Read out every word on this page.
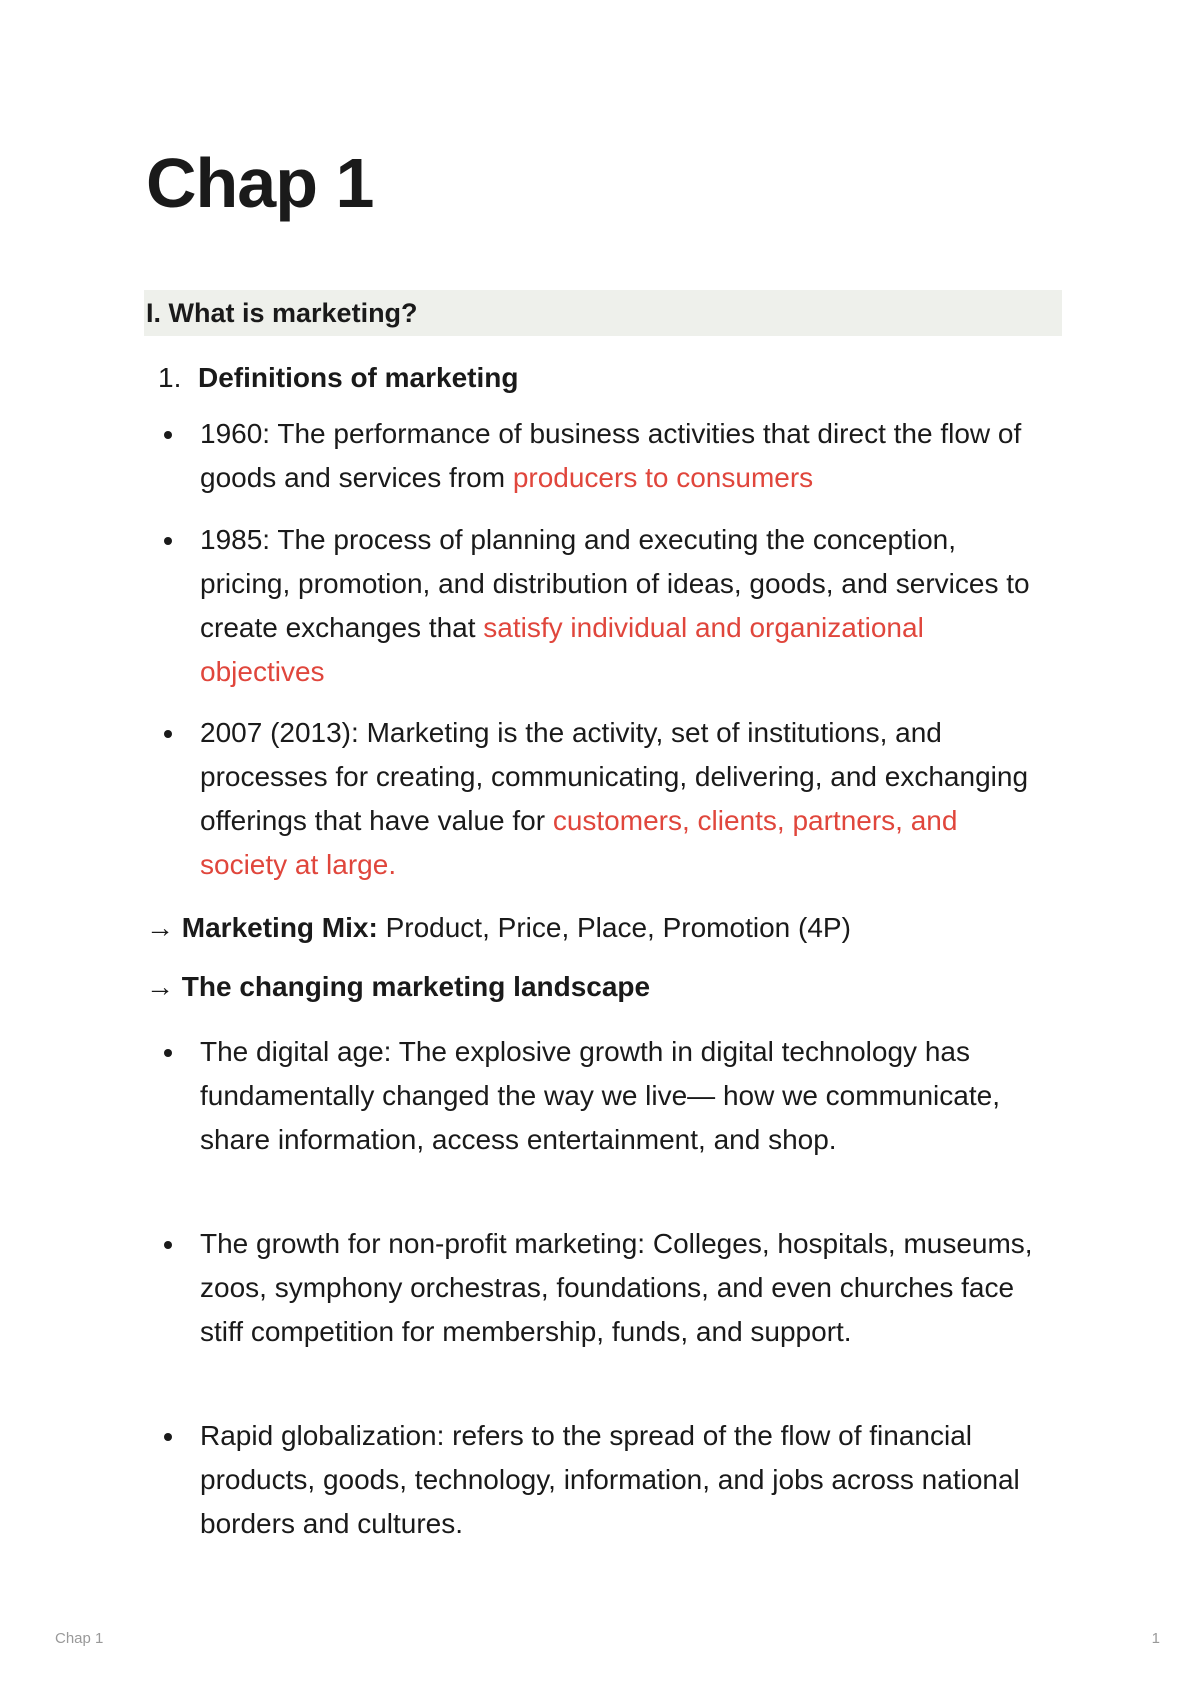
Chap 1
I. What is marketing?
1. Definitions of marketing
1960: The performance of business activities that direct the flow of goods and services from producers to consumers
1985: The process of planning and executing the conception, pricing, promotion, and distribution of ideas, goods, and services to create exchanges that satisfy individual and organizational objectives
2007 (2013): Marketing is the activity, set of institutions, and processes for creating, communicating, delivering, and exchanging offerings that have value for customers, clients, partners, and society at large.
→ Marketing Mix: Product, Price, Place, Promotion (4P)
→ The changing marketing landscape
The digital age: The explosive growth in digital technology has fundamentally changed the way we live— how we communicate, share information, access entertainment, and shop.
The growth for non-profit marketing: Colleges, hospitals, museums, zoos, symphony orchestras, foundations, and even churches face stiff competition for membership, funds, and support.
Rapid globalization: refers to the spread of the flow of financial products, goods, technology, information, and jobs across national borders and cultures.
Chap 1	1
